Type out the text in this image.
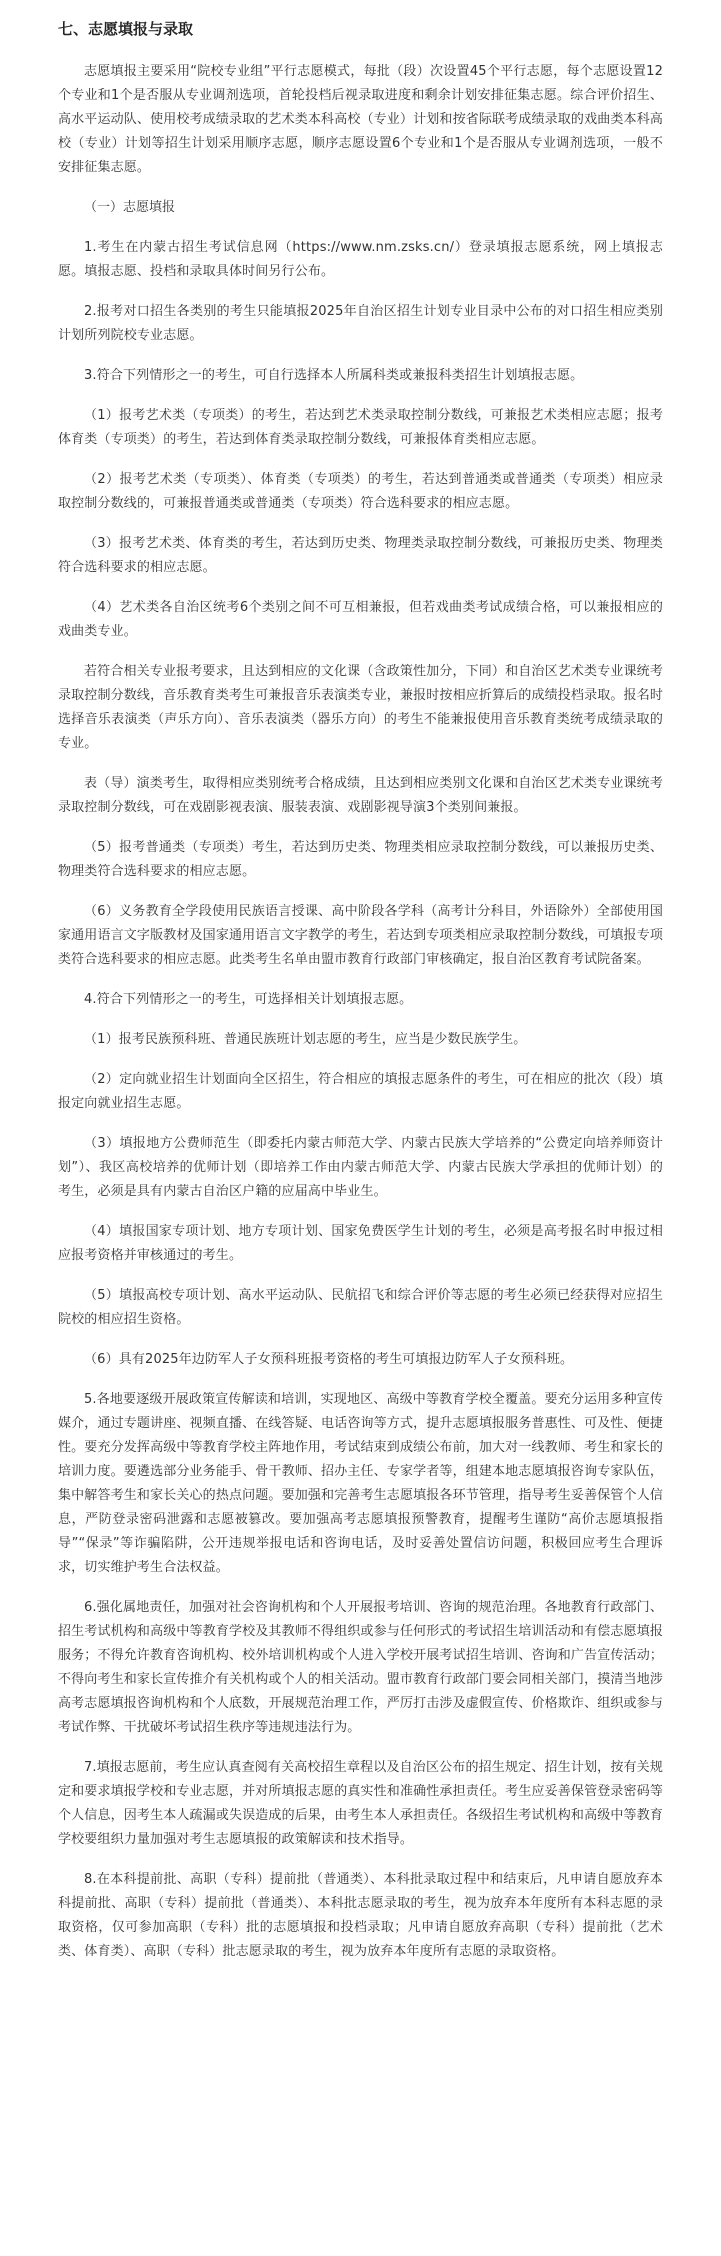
七、志愿填报与录取

志愿填报主要采用“院校专业组”平行志愿模式，每批（段）次设置45个平行志愿，每个志愿设置12个专业和1个是否服从专业调剂选项，首轮投档后视录取进度和剩余计划安排征集志愿。综合评价招生、高水平运动队、使用校考成绩录取的艺术类本科高校（专业）计划和按省际联考成绩录取的戏曲类本科高校（专业）计划等招生计划采用顺序志愿，顺序志愿设置6个专业和1个是否服从专业调剂选项，一般不安排征集志愿。

（一）志愿填报

1.考生在内蒙古招生考试信息网（https://www.nm.zsks.cn/）登录填报志愿系统，网上填报志愿。填报志愿、投档和录取具体时间另行公布。

2.报考对口招生各类别的考生只能填报2025年自治区招生计划专业目录中公布的对口招生相应类别计划所列院校专业志愿。

3.符合下列情形之一的考生，可自行选择本人所属科类或兼报科类招生计划填报志愿。

（1）报考艺术类（专项类）的考生，若达到艺术类录取控制分数线，可兼报艺术类相应志愿；报考体育类（专项类）的考生，若达到体育类录取控制分数线，可兼报体育类相应志愿。

（2）报考艺术类（专项类）、体育类（专项类）的考生，若达到普通类或普通类（专项类）相应录取控制分数线的，可兼报普通类或普通类（专项类）符合选科要求的相应志愿。

（3）报考艺术类、体育类的考生，若达到历史类、物理类录取控制分数线，可兼报历史类、物理类符合选科要求的相应志愿。

（4）艺术类各自治区统考6个类别之间不可互相兼报，但若戏曲类考试成绩合格，可以兼报相应的戏曲类专业。

若符合相关专业报考要求，且达到相应的文化课（含政策性加分，下同）和自治区艺术类专业课统考录取控制分数线，音乐教育类考生可兼报音乐表演类专业，兼报时按相应折算后的成绩投档录取。报名时选择音乐表演类（声乐方向）、音乐表演类（器乐方向）的考生不能兼报使用音乐教育类统考成绩录取的专业。

表（导）演类考生，取得相应类别统考合格成绩，且达到相应类别文化课和自治区艺术类专业课统考录取控制分数线，可在戏剧影视表演、服装表演、戏剧影视导演3个类别间兼报。

（5）报考普通类（专项类）考生，若达到历史类、物理类相应录取控制分数线，可以兼报历史类、物理类符合选科要求的相应志愿。

（6）义务教育全学段使用民族语言授课、高中阶段各学科（高考计分科目，外语除外）全部使用国家通用语言文字版教材及国家通用语言文字教学的考生，若达到专项类相应录取控制分数线，可填报专项类符合选科要求的相应志愿。此类考生名单由盟市教育行政部门审核确定，报自治区教育考试院备案。

4.符合下列情形之一的考生，可选择相关计划填报志愿。

（1）报考民族预科班、普通民族班计划志愿的考生，应当是少数民族学生。

（2）定向就业招生计划面向全区招生，符合相应的填报志愿条件的考生，可在相应的批次（段）填报定向就业招生志愿。

（3）填报地方公费师范生（即委托内蒙古师范大学、内蒙古民族大学培养的“公费定向培养师资计划”）、我区高校培养的优师计划（即培养工作由内蒙古师范大学、内蒙古民族大学承担的优师计划）的考生，必须是具有内蒙古自治区户籍的应届高中毕业生。

（4）填报国家专项计划、地方专项计划、国家免费医学生计划的考生，必须是高考报名时申报过相应报考资格并审核通过的考生。

（5）填报高校专项计划、高水平运动队、民航招飞和综合评价等志愿的考生必须已经获得对应招生院校的相应招生资格。

（6）具有2025年边防军人子女预科班报考资格的考生可填报边防军人子女预科班。

5.各地要逐级开展政策宣传解读和培训，实现地区、高级中等教育学校全覆盖。要充分运用多种宣传媒介，通过专题讲座、视频直播、在线答疑、电话咨询等方式，提升志愿填报服务普惠性、可及性、便捷性。要充分发挥高级中等教育学校主阵地作用，考试结束到成绩公布前，加大对一线教师、考生和家长的培训力度。要遴选部分业务能手、骨干教师、招办主任、专家学者等，组建本地志愿填报咨询专家队伍，集中解答考生和家长关心的热点问题。要加强和完善考生志愿填报各环节管理，指导考生妥善保管个人信息，严防登录密码泄露和志愿被篡改。要加强高考志愿填报预警教育，提醒考生谨防“高价志愿填报指导”“保录”等诈骗陷阱，公开违规举报电话和咨询电话，及时妥善处置信访问题，积极回应考生合理诉求，切实维护考生合法权益。

6.强化属地责任，加强对社会咨询机构和个人开展报考培训、咨询的规范治理。各地教育行政部门、招生考试机构和高级中等教育学校及其教师不得组织或参与任何形式的考试招生培训活动和有偿志愿填报服务；不得允许教育咨询机构、校外培训机构或个人进入学校开展考试招生培训、咨询和广告宣传活动；不得向考生和家长宣传推介有关机构或个人的相关活动。盟市教育行政部门要会同相关部门，摸清当地涉高考志愿填报咨询机构和个人底数，开展规范治理工作，严厉打击涉及虚假宣传、价格欺诈、组织或参与考试作弊、干扰破坏考试招生秩序等违规违法行为。

7.填报志愿前，考生应认真查阅有关高校招生章程以及自治区公布的招生规定、招生计划，按有关规定和要求填报学校和专业志愿，并对所填报志愿的真实性和准确性承担责任。考生应妥善保管登录密码等个人信息，因考生本人疏漏或失误造成的后果，由考生本人承担责任。各级招生考试机构和高级中等教育学校要组织力量加强对考生志愿填报的政策解读和技术指导。

8.在本科提前批、高职（专科）提前批（普通类）、本科批录取过程中和结束后，凡申请自愿放弃本科提前批、高职（专科）提前批（普通类）、本科批志愿录取的考生，视为放弃本年度所有本科志愿的录取资格，仅可参加高职（专科）批的志愿填报和投档录取；凡申请自愿放弃高职（专科）提前批（艺术类、体育类）、高职（专科）批志愿录取的考生，视为放弃本年度所有志愿的录取资格。
